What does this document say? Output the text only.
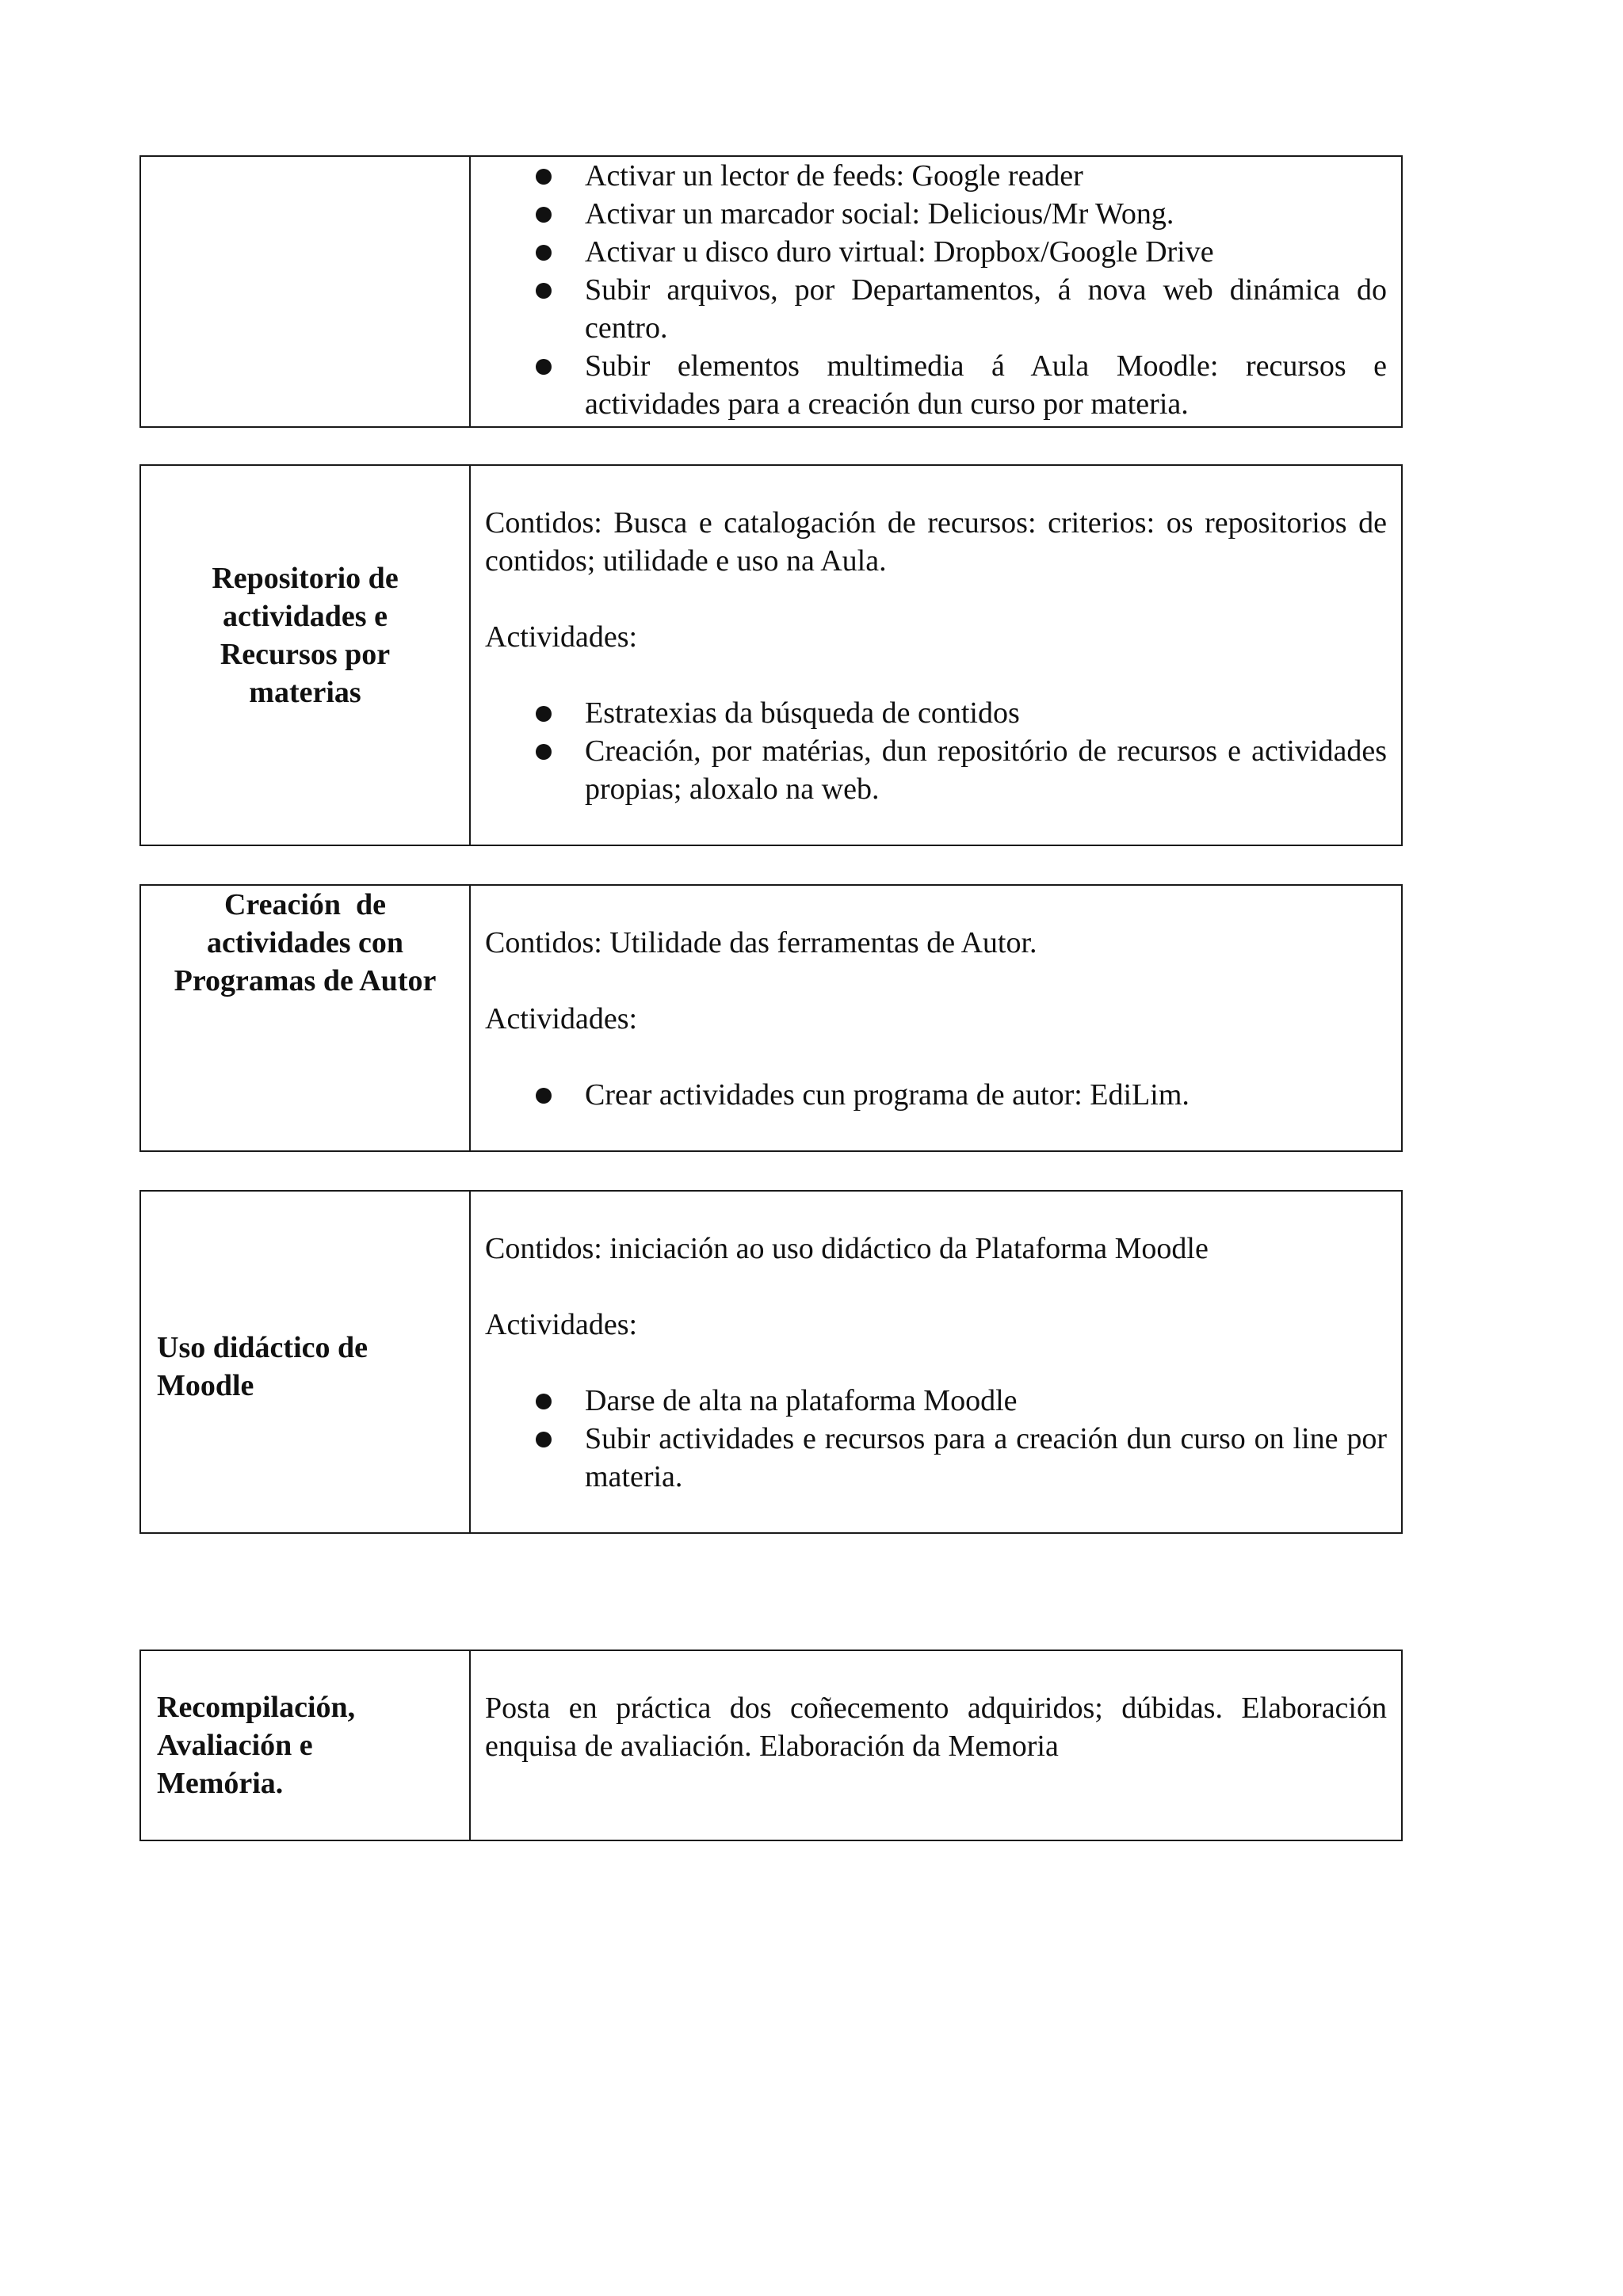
Activar un lector de feeds: Google reader
Activar un marcador social: Delicious/Mr Wong.
Activar u disco duro virtual: Dropbox/Google Drive
Subir arquivos, por Departamentos, á nova web dinámica do centro.
Subir elementos multimedia á Aula Moodle: recursos e actividades para a creación dun curso por materia.
Repositorio de
actividades e
Recursos por
materias

Contidos: Busca e catalogación de recursos: criterios: os repositorios de contidos; utilidade e uso na Aula.

Actividades:

Estratexias da búsqueda de contidos
Creación, por matérias, dun repositório de recursos e actividades propias; aloxalo na web.
Creación  de
actividades con
Programas de Autor

Contidos: Utilidade das ferramentas de Autor.

Actividades:

Crear actividades cun programa de autor: EdiLim.
Uso didáctico de
Moodle

Contidos: iniciación ao uso didáctico da Plataforma Moodle

Actividades:

Darse de alta na plataforma Moodle
Subir actividades e recursos para a creación dun curso on line por materia.
Recompilación,
Avaliación e
Memória.

Posta en práctica dos coñecemento adquiridos; dúbidas. Elaboración enquisa de avaliación. Elaboración da Memoria
